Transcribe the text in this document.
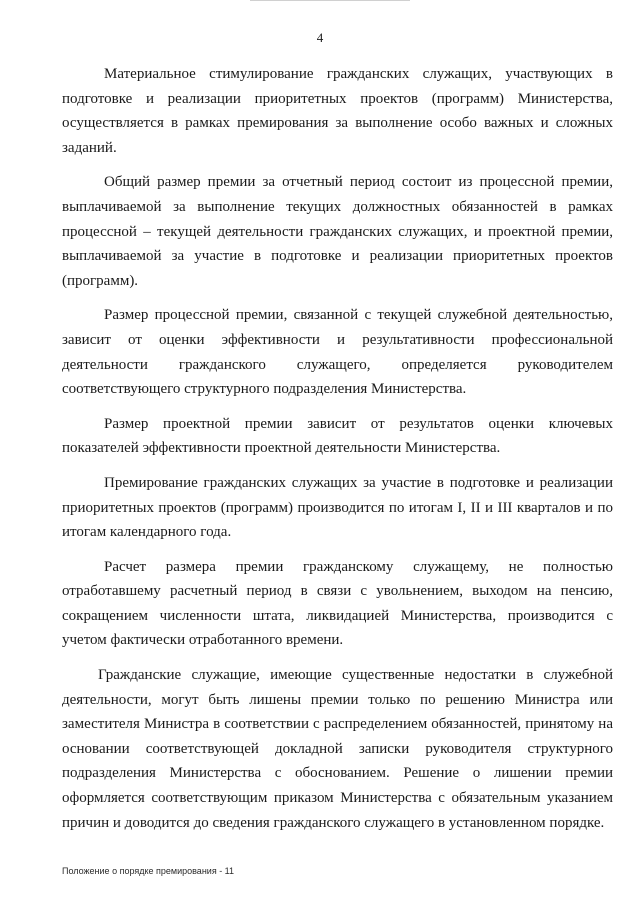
4

Материальное стимулирование гражданских служащих, участвующих в подготовке и реализации приоритетных проектов (программ) Министерства, осуществляется в рамках премирования за выполнение особо важных и сложных заданий.

Общий размер премии за отчетный период состоит из процессной премии, выплачиваемой за выполнение текущих должностных обязанностей в рамках процессной – текущей деятельности гражданских служащих, и проектной премии, выплачиваемой за участие в подготовке и реализации приоритетных проектов (программ).

Размер процессной премии, связанной с текущей служебной деятельностью, зависит от оценки эффективности и результативности профессиональной деятельности гражданского служащего, определяется руководителем соответствующего структурного подразделения Министерства.

Размер проектной премии зависит от результатов оценки ключевых показателей эффективности проектной деятельности Министерства.

Премирование гражданских служащих за участие в подготовке и реализации приоритетных проектов (программ) производится по итогам I, II и III кварталов и по итогам календарного года.

Расчет размера премии гражданскому служащему, не полностью отработавшему расчетный период в связи с увольнением, выходом на пенсию, сокращением численности штата, ликвидацией Министерства, производится с учетом фактически отработанного времени.

Гражданские служащие, имеющие существенные недостатки в служебной деятельности, могут быть лишены премии только по решению Министра или заместителя Министра в соответствии с распределением обязанностей, принятому на основании соответствующей докладной записки руководителя структурного подразделения Министерства с обоснованием. Решение о лишении премии оформляется соответствующим приказом Министерства с обязательным указанием причин и доводится до сведения гражданского служащего в установленном порядке.

Положение о порядке премирования - 11
